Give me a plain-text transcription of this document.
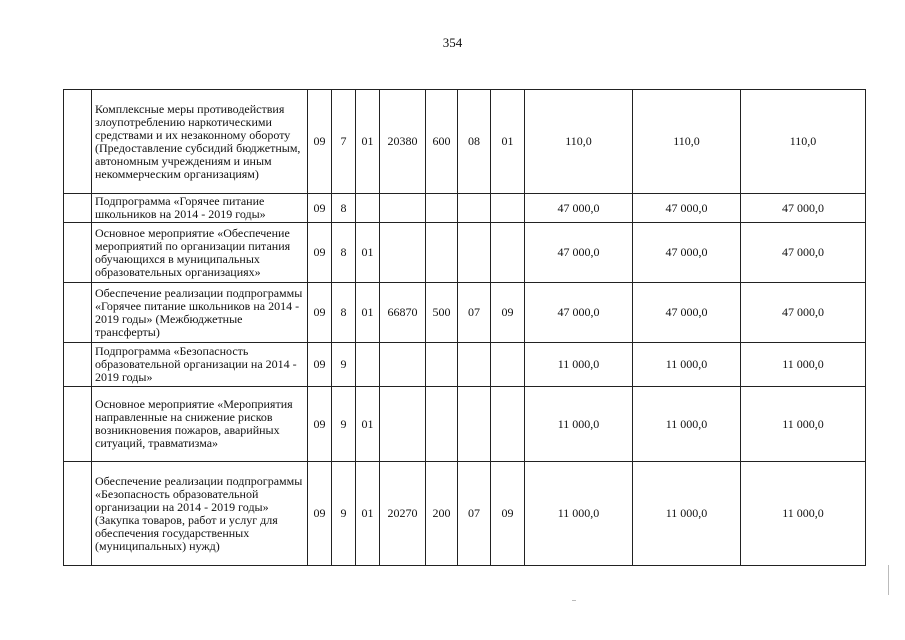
354
	Комплексные меры противодействия злоупотреблению наркотическими средствами и их незаконному обороту (Предоставление субсидий бюджетным, автономным учреждениям и иным некоммерческим организациям)	09	7	01	20380	600	08	01	110,0	110,0	110,0
	Подпрограмма «Горячее питание школьников на 2014 - 2019 годы»	09	8						47 000,0	47 000,0	47 000,0
	Основное мероприятие «Обеспечение мероприятий по организации питания обучающихся в муниципальных образовательных организациях»	09	8	01					47 000,0	47 000,0	47 000,0
	Обеспечение реализации подпрограммы «Горячее питание школьников на 2014 - 2019 годы» (Межбюджетные трансферты)	09	8	01	66870	500	07	09	47 000,0	47 000,0	47 000,0
	Подпрограмма «Безопасность образовательной организации на 2014 - 2019 годы»	09	9						11 000,0	11 000,0	11 000,0
	Основное мероприятие «Мероприятия направленные на снижение рисков возникновения пожаров, аварийных ситуаций, травматизма»	09	9	01					11 000,0	11 000,0	11 000,0
	Обеспечение реализации подпрограммы «Безопасность образовательной организации на 2014 - 2019 годы» (Закупка товаров, работ и услуг для обеспечения государственных (муниципальных) нужд)	09	9	01	20270	200	07	09	11 000,0	11 000,0	11 000,0
